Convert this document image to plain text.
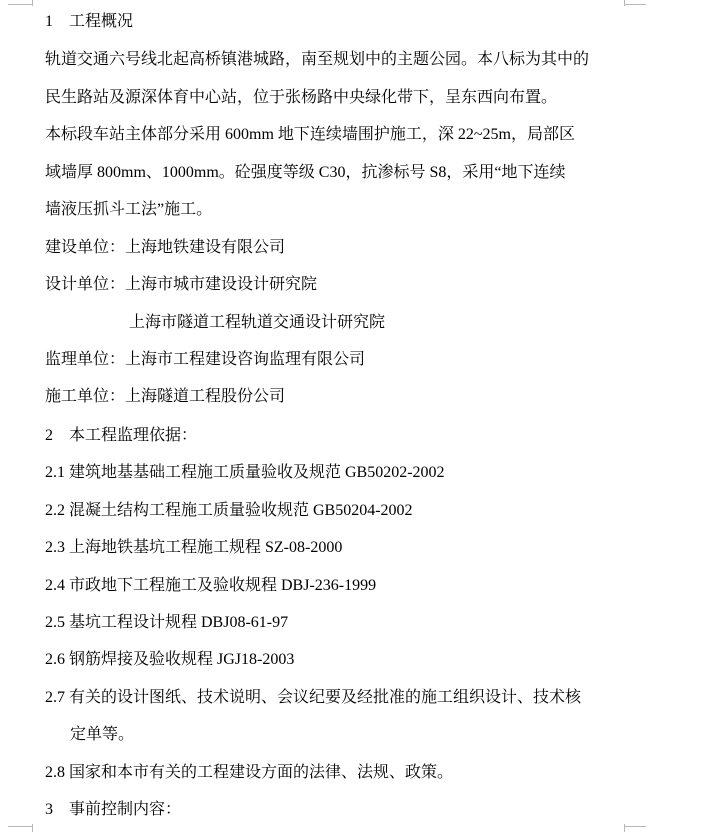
1 工程概况
轨道交通六号线北起高桥镇港城路，南至规划中的主题公园。本八标为其中的
民生路站及源深体育中心站，位于张杨路中央绿化带下，呈东西向布置。
本标段车站主体部分采用 600mm 地下连续墙围护施工，深 22~25m，局部区
域墙厚 800mm、1000mm。砼强度等级 C30，抗渗标号 S8，采用“地下连续
墙液压抓斗工法”施工。
建设单位：上海地铁建设有限公司
设计单位：上海市城市建设设计研究院
上海市隧道工程轨道交通设计研究院
监理单位：上海市工程建设咨询监理有限公司
施工单位：上海隧道工程股份公司
2 本工程监理依据：
2.1 建筑地基基础工程施工质量验收及规范 GB50202-2002
2.2 混凝土结构工程施工质量验收规范 GB50204-2002
2.3 上海地铁基坑工程施工规程 SZ-08-2000
2.4 市政地下工程施工及验收规程 DBJ-236-1999
2.5 基坑工程设计规程 DBJ08-61-97
2.6 钢筋焊接及验收规程 JGJ18-2003
2.7 有关的设计图纸、技术说明、会议纪要及经批准的施工组织设计、技术核
定单等。
2.8 国家和本市有关的工程建设方面的法律、法规、政策。
3 事前控制内容：
